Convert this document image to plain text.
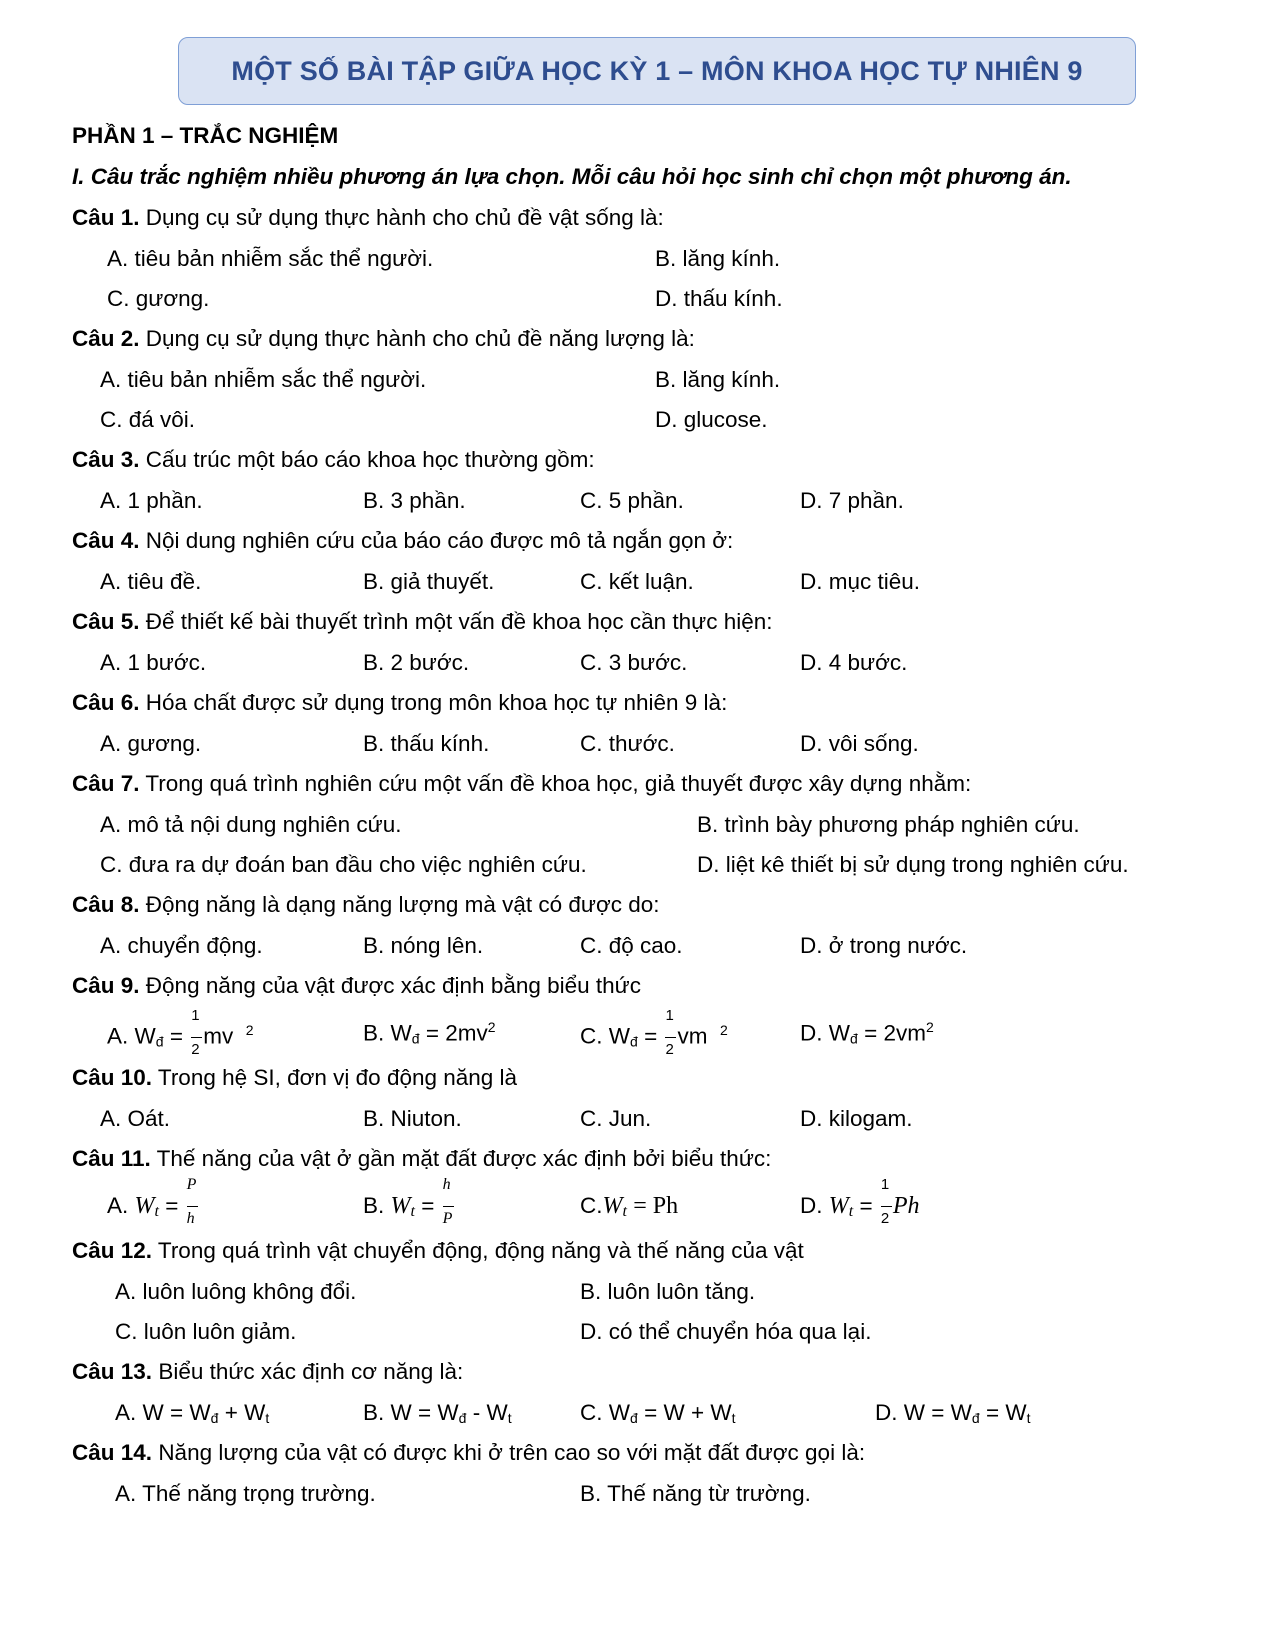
MỘT SỐ BÀI TẬP GIỮA HỌC KỲ 1 – MÔN KHOA HỌC TỰ NHIÊN 9
PHẦN 1 – TRẮC NGHIỆM
I. Câu trắc nghiệm nhiều phương án lựa chọn. Mỗi câu hỏi học sinh chỉ chọn một phương án.
Câu 1. Dụng cụ sử dụng thực hành cho chủ đề vật sống là:
A. tiêu bản nhiễm sắc thể người.	B. lăng kính.
C. gương.	D. thấu kính.
Câu 2. Dụng cụ sử dụng thực hành cho chủ đề năng lượng là:
A. tiêu bản nhiễm sắc thể người.	B. lăng kính.
C. đá vôi.	D. glucose.
Câu 3. Cấu trúc một báo cáo khoa học thường gồm:
A. 1 phần.	B. 3 phần.	C. 5 phần.	D. 7 phần.
Câu 4. Nội dung nghiên cứu của báo cáo được mô tả ngắn gọn ở:
A. tiêu đề.	B. giả thuyết.	C. kết luận.	D. mục tiêu.
Câu 5. Để thiết kế bài thuyết trình một vấn đề khoa học cần thực hiện:
A. 1 bước.	B. 2 bước.	C. 3 bước.	D. 4 bước.
Câu 6. Hóa chất được sử dụng trong môn khoa học tự nhiên 9 là:
A. gương.	B. thấu kính.	C. thước.	D. vôi sống.
Câu 7. Trong quá trình nghiên cứu một vấn đề khoa học, giả thuyết được xây dựng nhằm:
A. mô tả nội dung nghiên cứu.	B. trình bày phương pháp nghiên cứu.
C. đưa ra dự đoán ban đầu cho việc nghiên cứu.	D. liệt kê thiết bị sử dụng trong nghiên cứu.
Câu 8. Động năng là dạng năng lượng mà vật có được do:
A. chuyển động.	B. nóng lên.	C. độ cao.	D. ở trong nước.
Câu 9. Động năng của vật được xác định bằng biểu thức
A. $W_đ = \frac{1}{2}$ mv $^2$	B. $W_đ = 2mv^2$	C. $W_đ = \frac{1}{2}$ vm $^2$	D. $W_đ = 2vm^2$
Câu 10. Trong hệ SI, đơn vị đo động năng là
A. Oát.	B. Niuton.	C. Jun.	D. kilogam.
Câu 11. Thế năng của vật ở gần mặt đất được xác định bởi biểu thức:
A. $W_t = \frac{P}{h}$	B. $W_t = \frac{h}{P}$	$C.W_t = Ph$	D. $W_t = \frac{1}{2}$ Ph
Câu 12. Trong quá trình vật chuyển động, động năng và thế năng của vật
A. luôn luông không đổi.	B. luôn luôn tăng.
C. luôn luôn giảm.	D. có thể chuyển hóa qua lại.
Câu 13. Biểu thức xác định cơ năng là:
A. $W = W_đ + W_t$	B. $W = W_đ - W_t$	C. $W_đ = W + W_t$	D. $W = W_đ = W_t$
Câu 14. Năng lượng của vật có được khi ở trên cao so với mặt đất được gọi là:
A. Thế năng trọng trường.	B. Thế năng từ trường.
